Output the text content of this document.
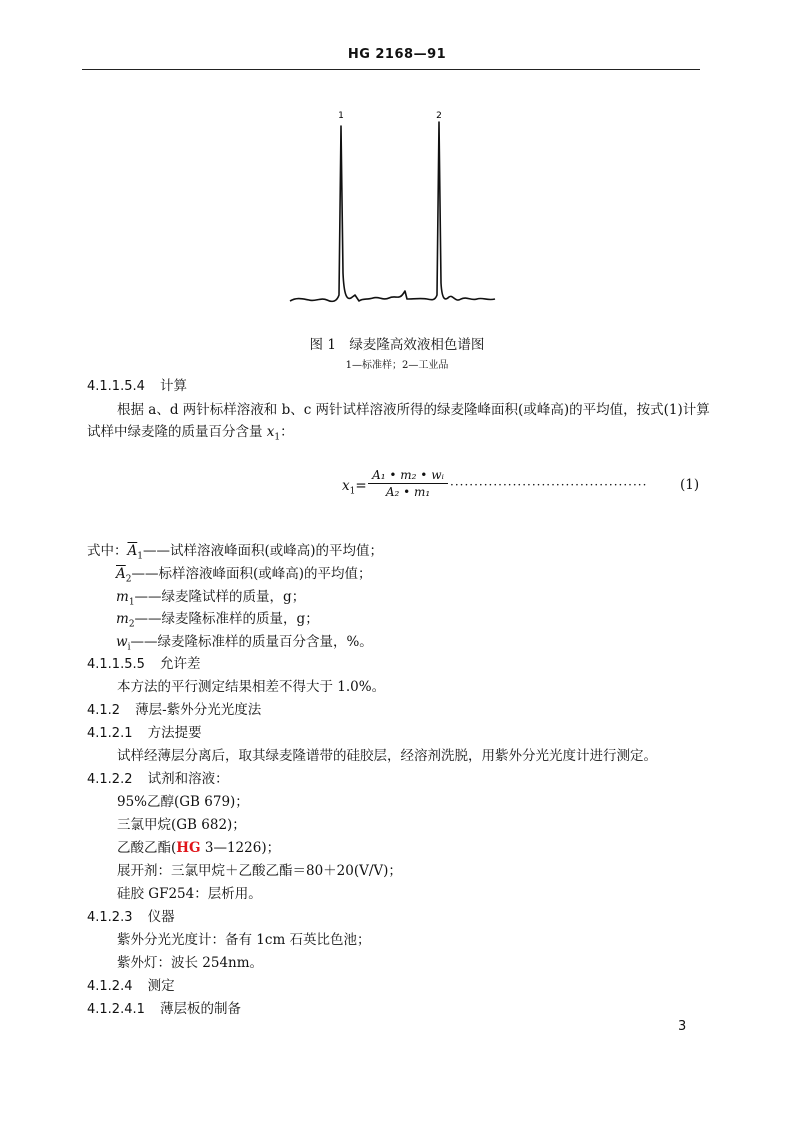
HG 2168—91
1	2
图 1　绿麦隆高效液相色谱图
1—标准样；2—工业品
4.1.1.5.4 计算
根据 a、d 两针标样溶液和 b、c 两针试样溶液所得的绿麦隆峰面积(或峰高)的平均值，按式(1)计算
试样中绿麦隆的质量百分含量 $x_1$：
$x_1= \frac{\text{A₁ • m₂ • wᵢ}}{\text{A₂ • m₁}}$ ········································· (1)
式中：$\overline{A}_1——$试样溶液峰面积(或峰高)的平均值；
$\overline{A}_2——$标样溶液峰面积(或峰高)的平均值；
$m_1——$绿麦隆试样的质量，g；
$m_2——$绿麦隆标准样的质量，g；
$w_i——$绿麦隆标准样的质量百分含量，%。
4.1.1.5.5 允许差
本方法的平行测定结果相差不得大于 1.0%。
4.1.2 薄层-紫外分光光度法
4.1.2.1 方法提要
试样经薄层分离后，取其绿麦隆谱带的硅胶层，经溶剂洗脱，用紫外分光光度计进行测定。
4.1.2.2 试剂和溶液：
95%乙醇(GB 679)；
三氯甲烷(GB 682)；
乙酸乙酯(HG 3—1226)；
展开剂：三氯甲烷＋乙酸乙酯＝80＋20(V/V)；
硅胶 GF254：层析用。
4.1.2.3 仪器
紫外分光光度计：备有 1cm 石英比色池；
紫外灯：波长 254nm。
4.1.2.4 测定
4.1.2.4.1 薄层板的制备
3
